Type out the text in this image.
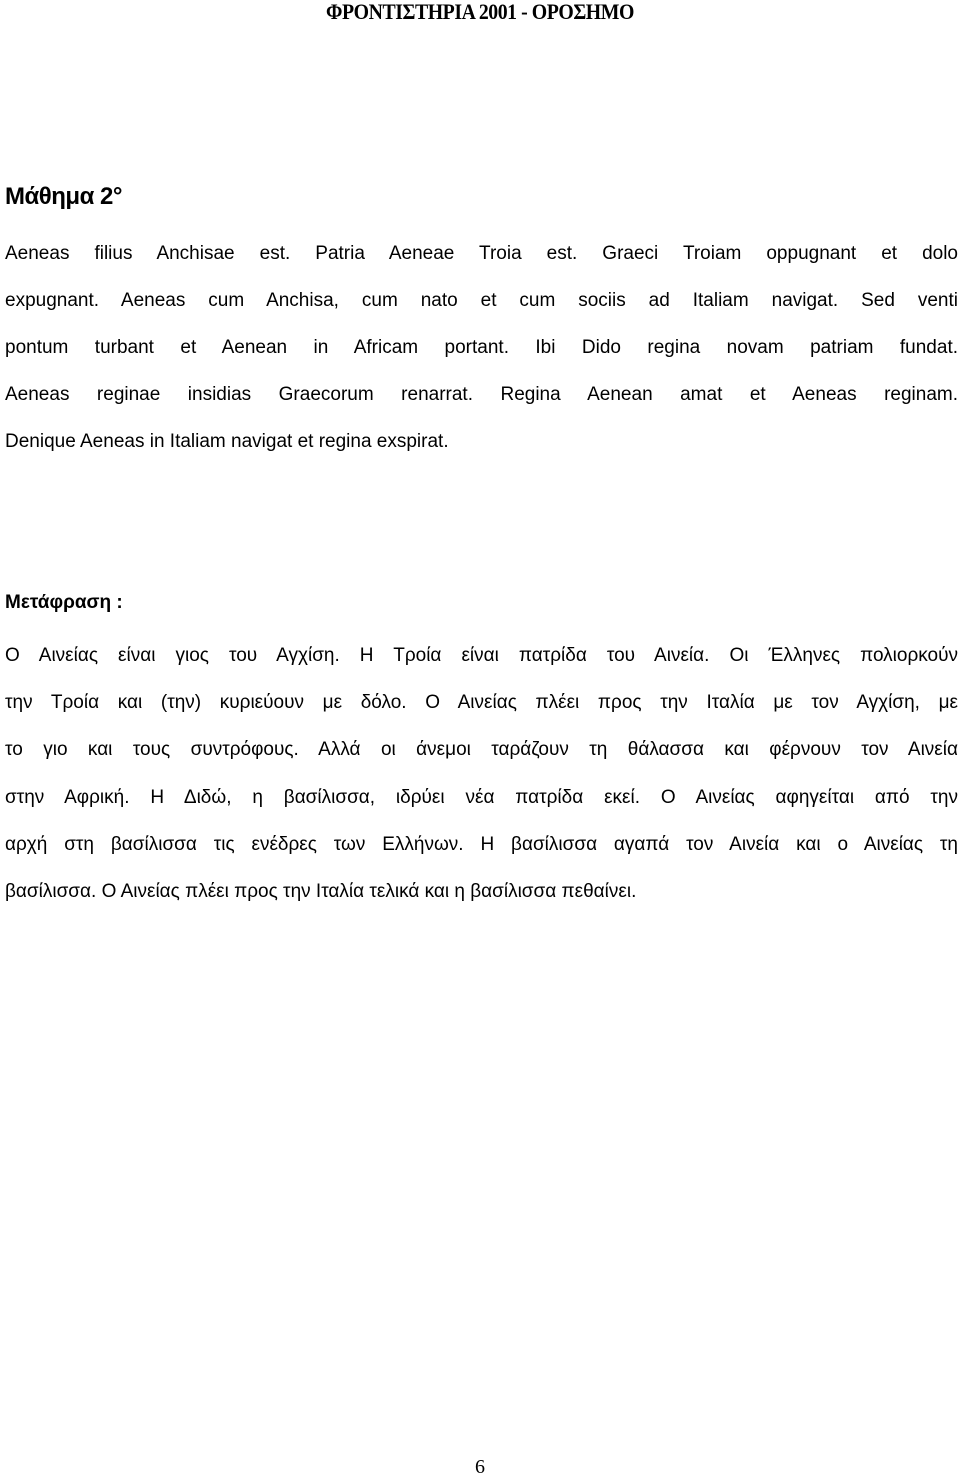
ΦΡΟΝΤΙΣΤΗΡΙΑ 2001 - ΟΡΟΣΗΜΟ
Μάθημα 2°
Aeneas filius Anchisae est. Patria Aeneae Troia est. Graeci Troiam oppugnant et dolo
expugnant. Aeneas cum Anchisa, cum nato et cum sociis ad Italiam navigat. Sed venti
pontum turbant et Aenean in Africam portant. Ibi Dido regina novam patriam fundat.
Aeneas reginae insidias Graecorum renarrat. Regina Aenean amat et Aeneas reginam.
Denique Aeneas in Italiam navigat et regina exspirat.
Μετάφραση :
Ο Αινείας είναι γιος του Αγχίση. Η Τροία είναι πατρίδα του Αινεία. Οι Έλληνες πολιορκούν
την Τροία και (την) κυριεύουν με δόλο. Ο Αινείας πλέει προς την Ιταλία με τον Αγχίση, με
το γιο και τους συντρόφους. Αλλά οι άνεμοι ταράζουν τη θάλασσα και φέρνουν τον Αινεία
στην Αφρική. Η Διδώ, η βασίλισσα, ιδρύει νέα πατρίδα εκεί. Ο Αινείας αφηγείται από την
αρχή στη βασίλισσα τις ενέδρες των Ελλήνων. Η βασίλισσα αγαπά τον Αινεία και ο Αινείας τη
βασίλισσα. Ο Αινείας πλέει προς την Ιταλία τελικά και η βασίλισσα πεθαίνει.
6
